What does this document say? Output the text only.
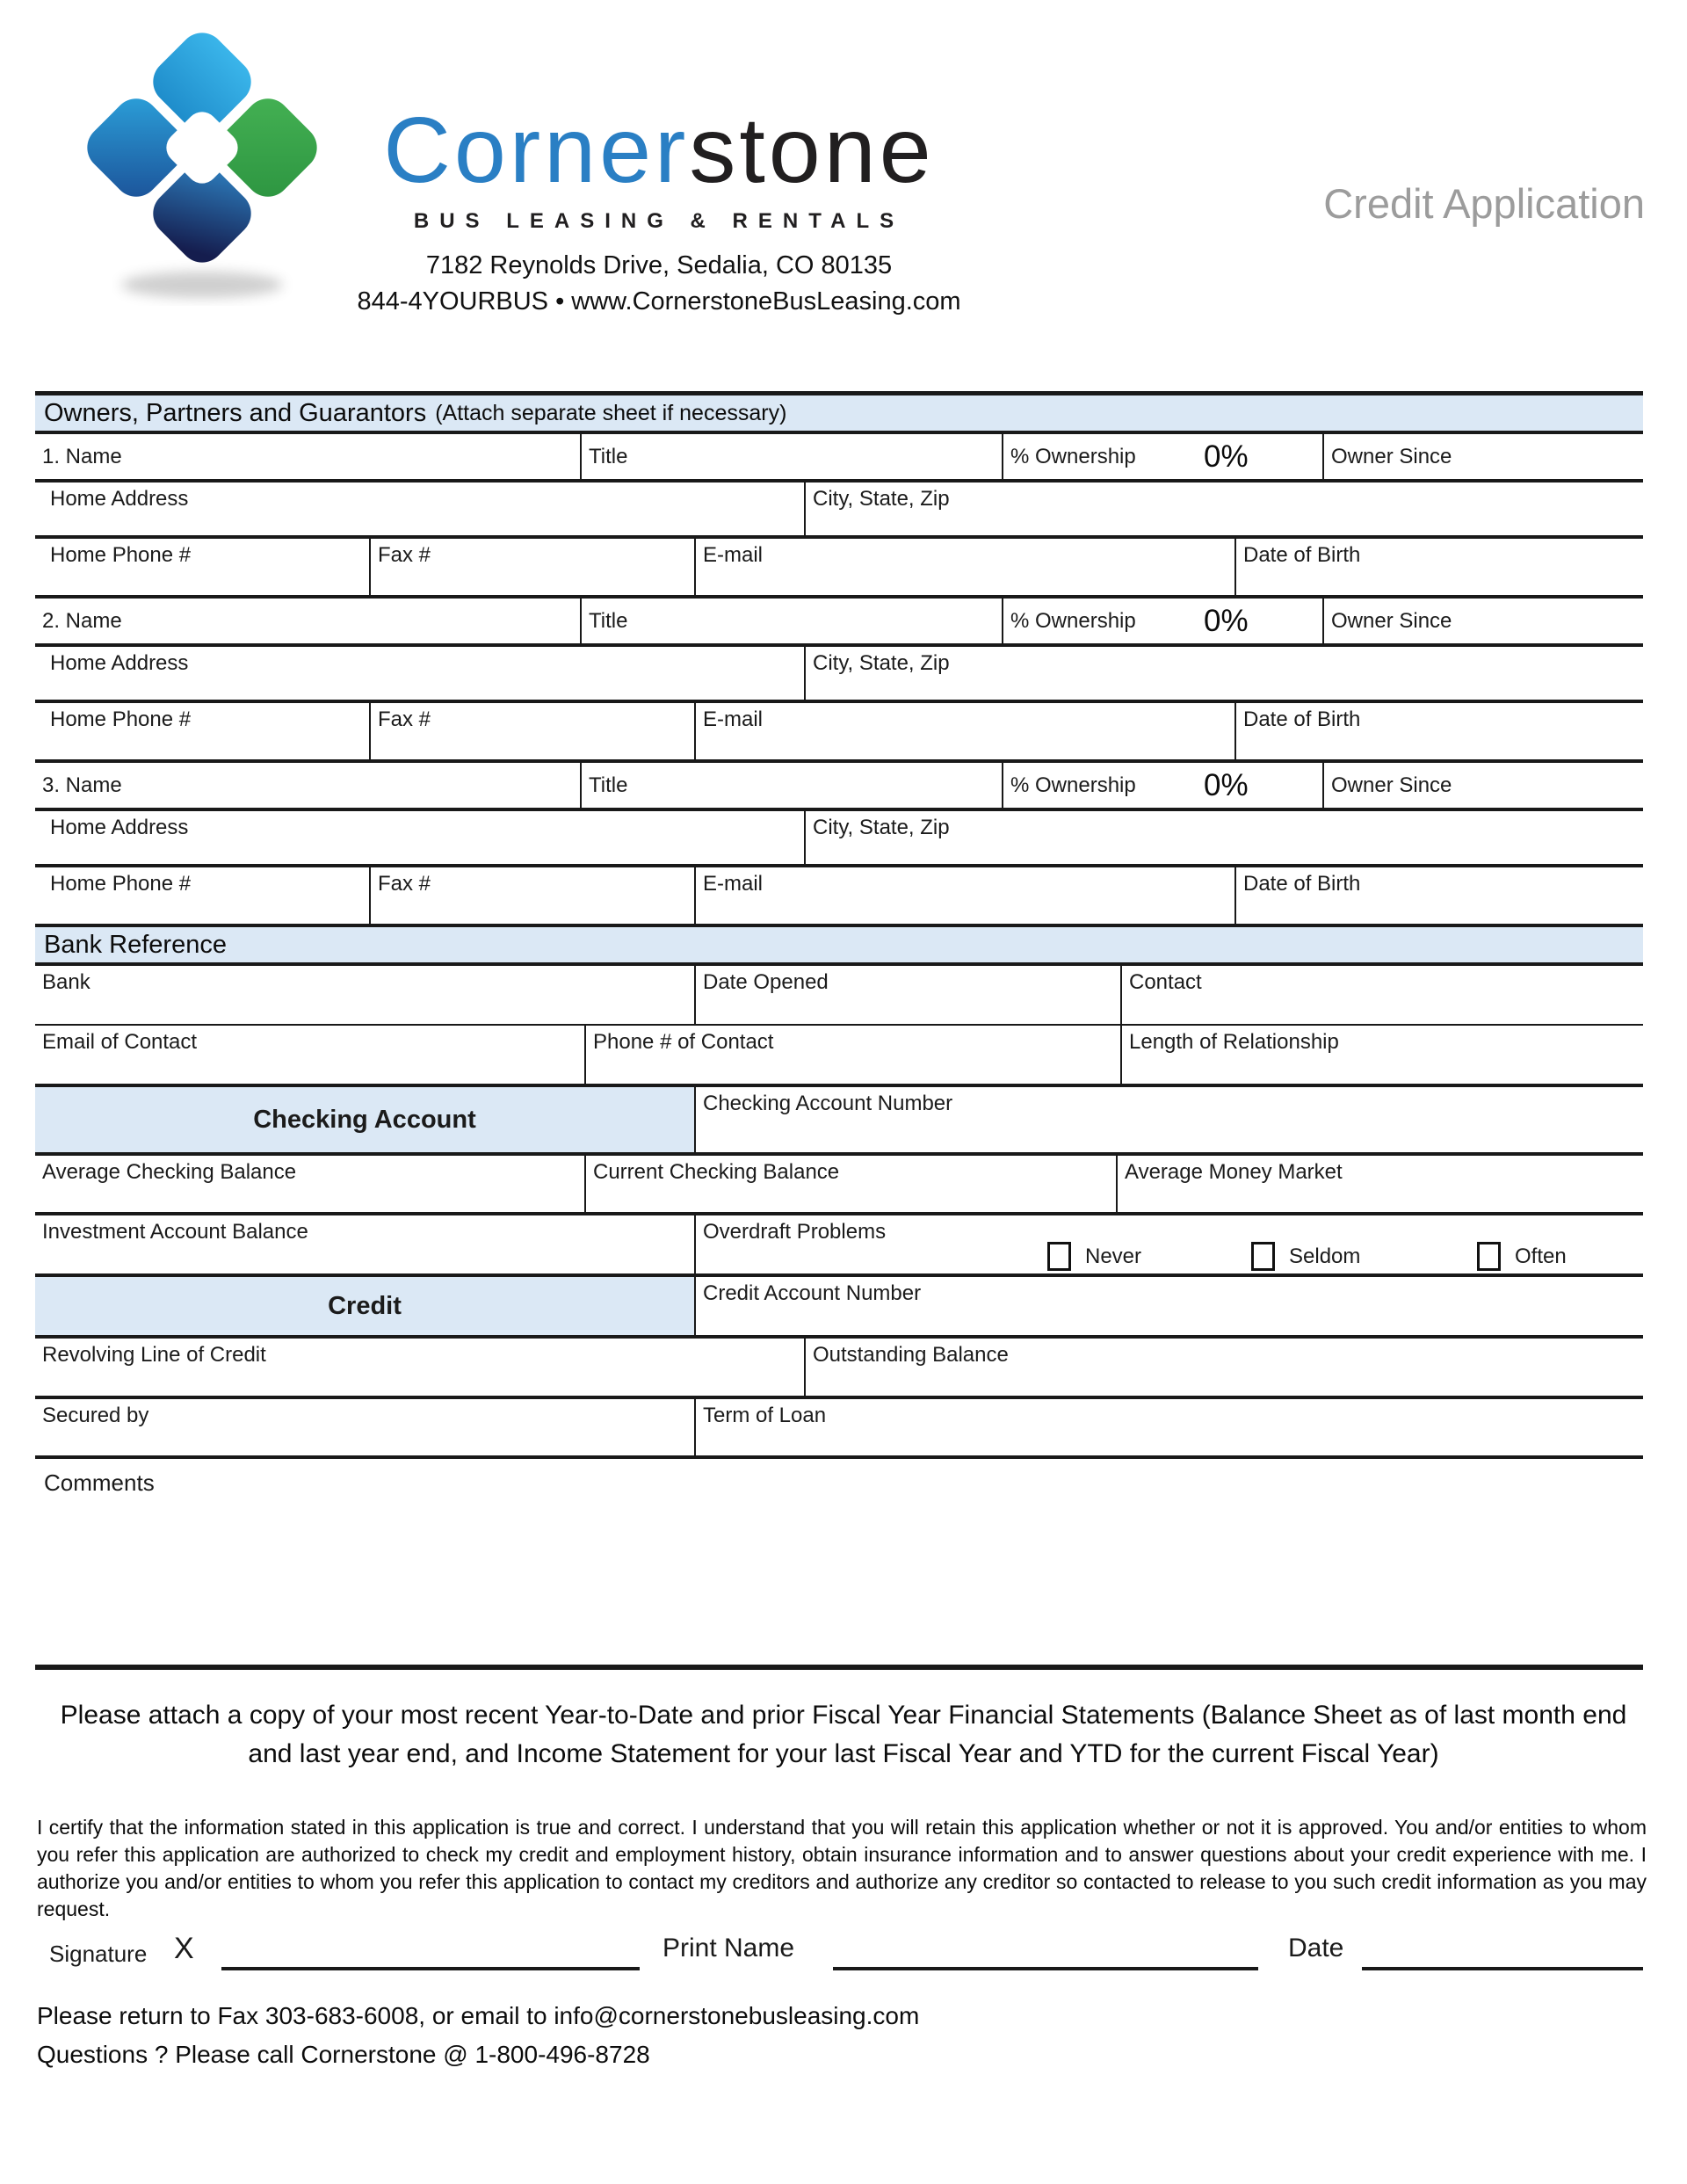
Cornerstone
BUS LEASING & RENTALS
7182 Reynolds Drive, Sedalia, CO 80135
844-4YOURBUS • www.CornerstoneBusLeasing.com
Credit Application
Owners, Partners and Guarantors (Attach separate sheet if necessary)
1. Name	Title	% Ownership 0%	Owner Since
Home Address	City, State, Zip
Home Phone #	Fax #	E-mail	Date of Birth
2. Name	Title	% Ownership 0%	Owner Since
Home Address	City, State, Zip
Home Phone #	Fax #	E-mail	Date of Birth
3. Name	Title	% Ownership 0%	Owner Since
Home Address	City, State, Zip
Home Phone #	Fax #	E-mail	Date of Birth
Bank Reference
Bank	Date Opened	Contact
Email of Contact	Phone # of Contact	Length of Relationship
Checking Account
Checking Account Number
Average Checking Balance	Current Checking Balance	Average Money Market
Investment Account Balance	Overdraft Problems
Never	Seldom	Often
Credit	Credit Account Number
Revolving Line of Credit	Outstanding Balance
Secured by	Term of Loan
Comments
Please attach a copy of your most recent Year-to-Date and prior Fiscal Year Financial Statements (Balance Sheet as of last month end and last year end, and Income Statement for your last Fiscal Year and YTD for the current Fiscal Year)
I certify that the information stated in this application is true and correct. I understand that you will retain this application whether or not it is approved. You and/or entities to whom you refer this application are authorized to check my credit and employment history, obtain insurance information and to answer questions about your credit experience with me. I authorize you and/or entities to whom you refer this application to contact my creditors and authorize any creditor so contacted to release to you such credit information as you may request.
Signature X	Print Name	Date
Please return to Fax 303-683-6008, or email to info@cornerstonebusleasing.com
Questions ? Please call Cornerstone @ 1-800-496-8728
